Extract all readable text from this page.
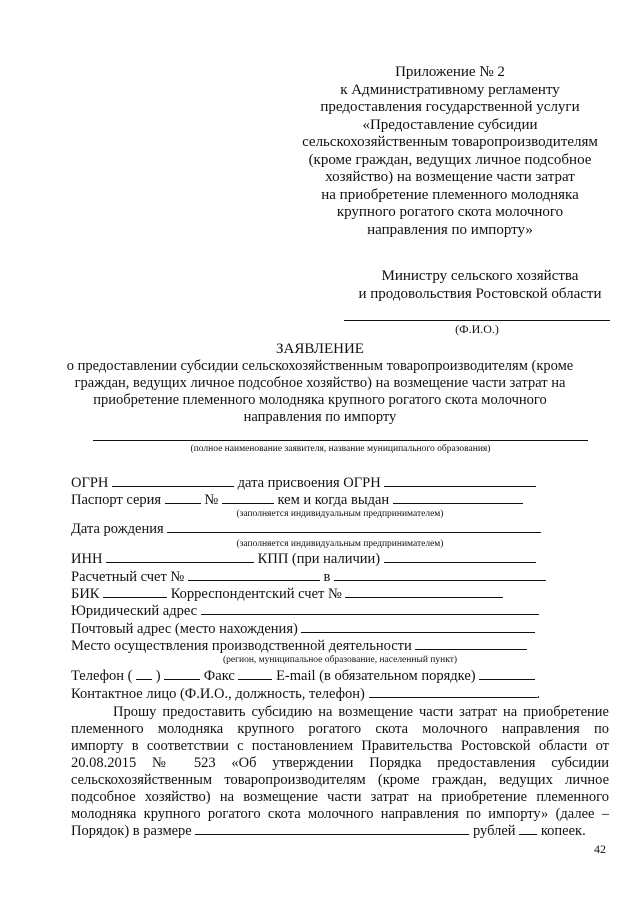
Приложение № 2
к Административному регламенту
предоставления государственной услуги
«Предоставление субсидии
сельскохозяйственным товаропроизводителям
(кроме граждан, ведущих личное подсобное
хозяйство) на возмещение части затрат
на приобретение племенного молодняка
крупного рогатого скота молочного
направления по импорту»
Министру сельского хозяйства
и продовольствия Ростовской области
(Ф.И.О.)
ЗАЯВЛЕНИЕ
о предоставлении субсидии сельскохозяйственным товаропроизводителям (кроме
граждан, ведущих личное подсобное хозяйство) на возмещение части затрат на
приобретение племенного молодняка крупного рогатого скота молочного
направления по импорту
(полное наименование заявителя, название муниципального образования)
ОГРН	дата присвоения ОГРН
Паспорт серия	№	кем и когда выдан
(заполняется индивидуальным предпринимателем)
Дата рождения
(заполняется индивидуальным предпринимателем)
ИНН	КПП (при наличии)
Расчетный счет №	в
БИК	Корреспондентский счет №
Юридический адрес
Почтовый адрес (место нахождения)
Место осуществления производственной деятельности
(регион, муниципальное образование, населенный пункт)
Телефон ( )	Факс	E-mail (в обязательном порядке)
Контактное лицо (Ф.И.О., должность, телефон)	.
Прошу предоставить субсидию на возмещение части затрат на приобретение
племенного молодняка крупного рогатого скота молочного направления по
импорту в соответствии с постановлением Правительства Ростовской области от
20.08.2015 № 523 «Об утверждении Порядка предоставления субсидии
сельскохозяйственным товаропроизводителям (кроме граждан, ведущих личное
подсобное хозяйство) на возмещение части затрат на приобретение племенного
молодняка крупного рогатого скота молочного направления по импорту» (далее –
Порядок) в размере	рублей копеек.
42
